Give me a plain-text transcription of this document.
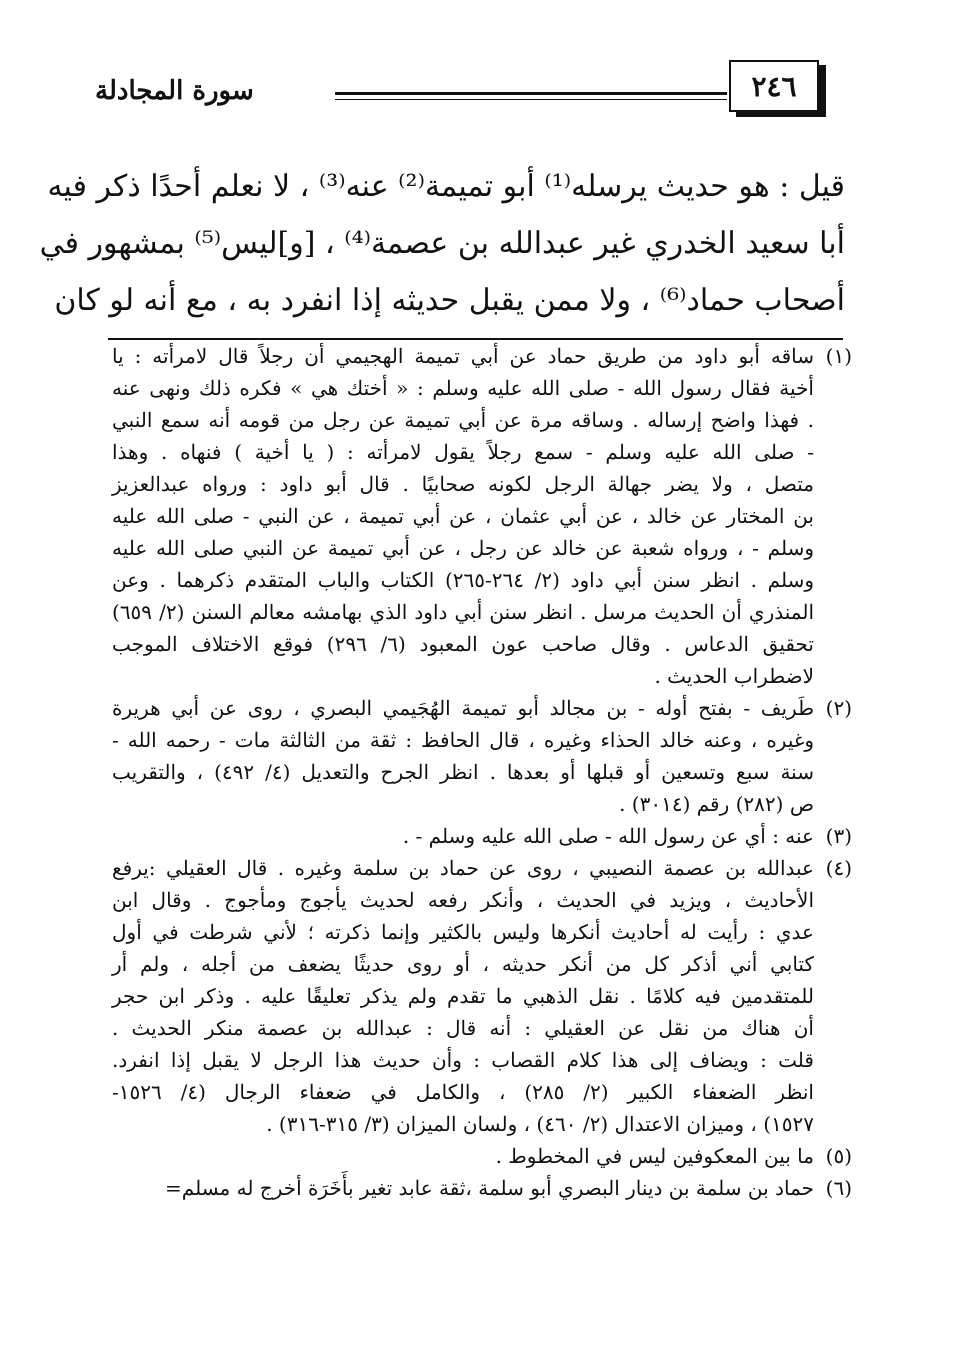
سورة المجادلة	٢٤٦
قيل : هو حديث يرسله⁽¹⁾ أبو تميمة⁽²⁾ عنه⁽³⁾ ، لا نعلم أحدًا ذكر فيه
أبا سعيد الخدري غير عبدالله بن عصمة⁽⁴⁾ ، [و]ليس⁽⁵⁾ بمشهور في
أصحاب حماد⁽⁶⁾ ، ولا ممن يقبل حديثه إذا انفرد به ، مع أنه لو كان
(١)
ساقه أبو داود من طريق حماد عن أبي تميمة الهجيمي أن رجلاً قال لامرأته : يا
أخية فقال رسول الله - صلى الله عليه وسلم : « أختك هي » فكره ذلك ونهى عنه
. فهذا واضح إرساله . وساقه مرة عن أبي تميمة عن رجل من قومه أنه سمع النبي
- صلى الله عليه وسلم - سمع رجلاً يقول لامرأته : ( يا أخية ) فنهاه . وهذا
متصل ، ولا يضر جهالة الرجل لكونه صحابيًا . قال أبو داود : ورواه عبدالعزيز
بن المختار عن خالد ، عن أبي عثمان ، عن أبي تميمة ، عن النبي - صلى الله عليه
وسلم - ، ورواه شعبة عن خالد عن رجل ، عن أبي تميمة عن النبي صلى الله عليه
وسلم . انظر سنن أبي داود (٢/ ٢٦٤-٢٦٥) الكتاب والباب المتقدم ذكرهما . وعن
المنذري أن الحديث مرسل . انظر سنن أبي داود الذي بهامشه معالم السنن (٢/ ٦٥٩)
تحقيق الدعاس . وقال صاحب عون المعبود (٦/ ٢٩٦) فوقع الاختلاف الموجب
لاضطراب الحديث .
(٢)
طَريف - بفتح أوله - بن مجالد أبو تميمة الهُجَيمي البصري ، روى عن أبي هريرة
وغيره ، وعنه خالد الحذاء وغيره ، قال الحافظ : ثقة من الثالثة مات - رحمه الله -
سنة سبع وتسعين أو قبلها أو بعدها . انظر الجرح والتعديل (٤/ ٤٩٢) ، والتقريب
ص (٢٨٢) رقم (٣٠١٤) .
(٣)
عنه : أي عن رسول الله - صلى الله عليه وسلم - .
(٤)
عبدالله بن عصمة النصيبي ، روى عن حماد بن سلمة وغيره . قال العقيلي :يرفع
الأحاديث ، ويزيد في الحديث ، وأنكر رفعه لحديث يأجوج ومأجوج . وقال ابن
عدي : رأيت له أحاديث أنكرها وليس بالكثير وإنما ذكرته ؛ لأني شرطت في أول
كتابي أني أذكر كل من أنكر حديثه ، أو روى حديثًا يضعف من أجله ، ولم أر
للمتقدمين فيه كلامًا . نقل الذهبي ما تقدم ولم يذكر تعليقًا عليه . وذكر ابن حجر
أن هناك من نقل عن العقيلي : أنه قال : عبدالله بن عصمة منكر الحديث .
قلت : ويضاف إلى هذا كلام القصاب : وأن حديث هذا الرجل لا يقبل إذا انفرد.
انظر الضعفاء الكبير (٢/ ٢٨٥) ، والكامل في ضعفاء الرجال (٤/ ١٥٢٦-
١٥٢٧) ، وميزان الاعتدال (٢/ ٤٦٠) ، ولسان الميزان (٣/ ٣١٥-٣١٦) .
(٥)
ما بين المعكوفين ليس في المخطوط .
(٦)
حماد بن سلمة بن دينار البصري أبو سلمة ،ثقة عابد تغير بأَخَرَة أخرج له مسلم=
